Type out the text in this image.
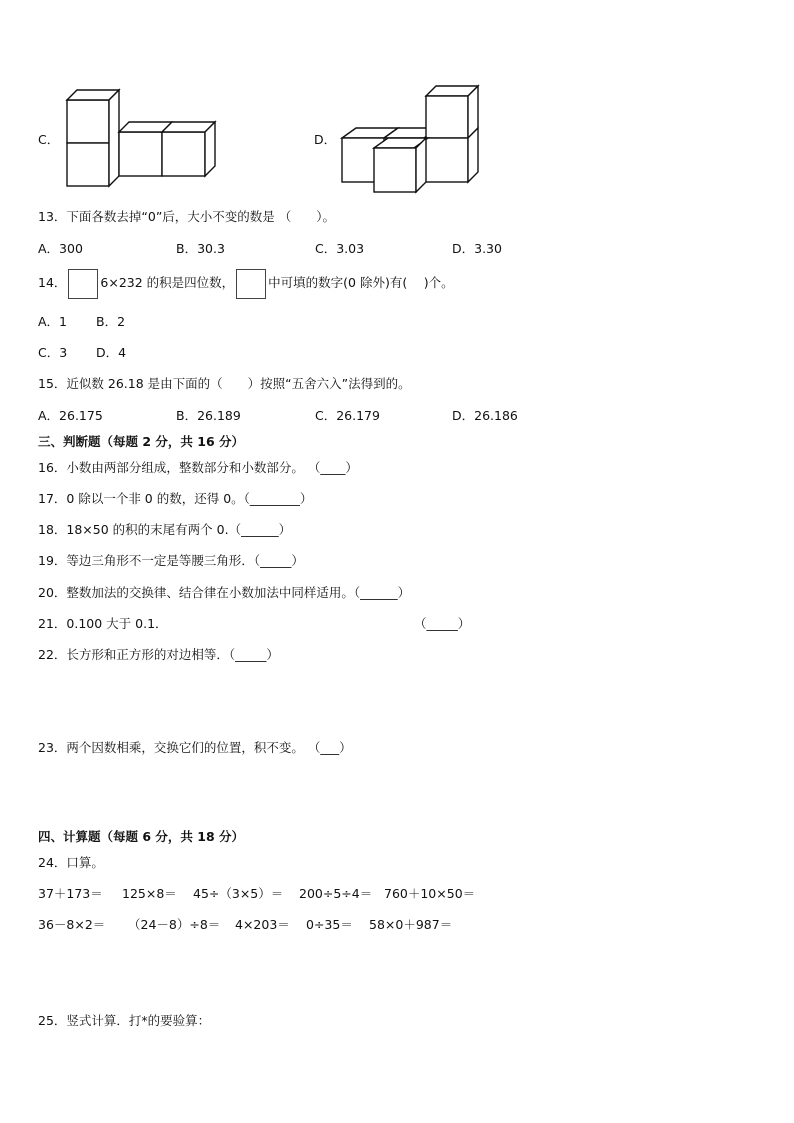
C．	D．
13．下面各数去掉“0”后，大小不变的数是 （　　）。
A．300	B．30.3	C．3.03	D．3.30
14．	6×232 的积是四位数，	中可填的数字(0 除外)有(　 )个。
A．1 B．2
C．3 D．4
15．近似数 26.18 是由下面的（　　）按照“五舍六入”法得到的。
A．26.175	B．26.189	C．26.179	D．26.186
三、判断题（每题 2 分，共 16 分）
16．小数由两部分组成，整数部分和小数部分。 （____）
17．0 除以一个非 0 的数，还得 0。（________）
18．18×50 的积的末尾有两个 0.（______）
19．等边三角形不一定是等腰三角形．（_____）
20．整数加法的交换律、结合律在小数加法中同样适用。（______）
21．0.100 大于 0.1．	（_____）
22．长方形和正方形的对边相等．（_____）
23．两个因数相乘，交换它们的位置，积不变。 （___）
四、计算题（每题 6 分，共 18 分）
24．口算。
37＋173＝ 125×8＝ 45÷（3×5）＝ 200÷5÷4＝ 760＋10×50＝
36－8×2＝ （24－8）÷8＝ 4×203＝ 0÷35＝ 58×0＋987＝
25．竖式计算．打*的要验算：
